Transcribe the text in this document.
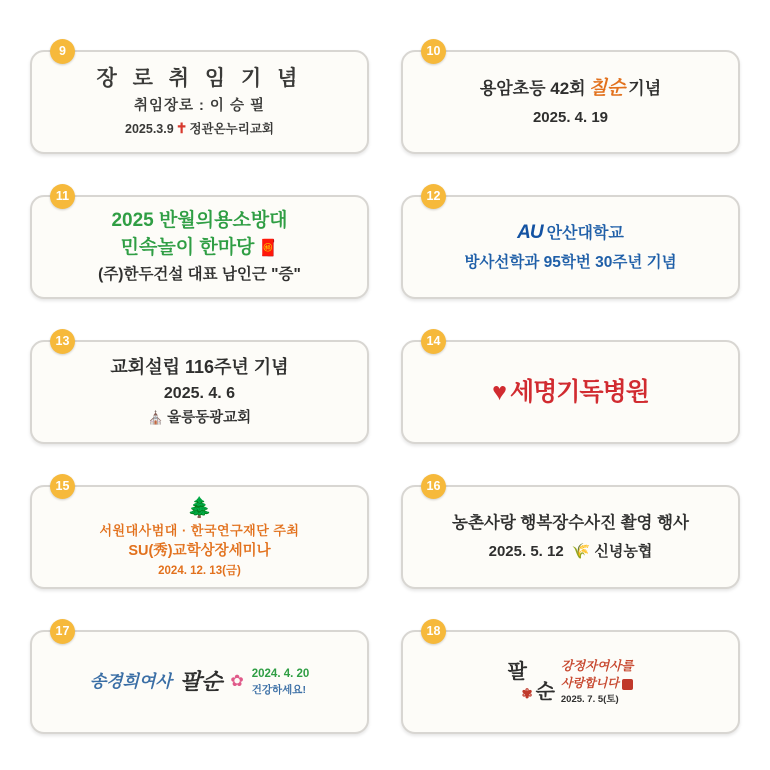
9
장 로 취 임 기 념
취임장로 : 이 승 필
2025.3.9 ✝ 정관온누리교회
10
용암초등 42회 칠순 기념
2025. 4. 19
11
2025 반월의용소방대
민속놀이 한마당 🧧
(주)한두건설 대표 남인근 "증"
12
AU 안산대학교
방사선학과 95학번 30주년 기념
13
교회설립 116주년 기념
2025. 4. 6
⛪ 울릉동광교회
14
♥ 세명기독병원
15
🌲
서원대사범대 · 한국연구재단 주최
SU(秀)교학상장세미나
2024. 12. 13(금)
16
농촌사랑 행복장수사진 촬영 행사
2025. 5. 12 🌾 신녕농협
17
송경희여사 팔순 ✿ 2024. 4. 20
건강하세요!
18
팔
✾ 순
강정자여사를
사랑합니다
2025. 7. 5(토)
